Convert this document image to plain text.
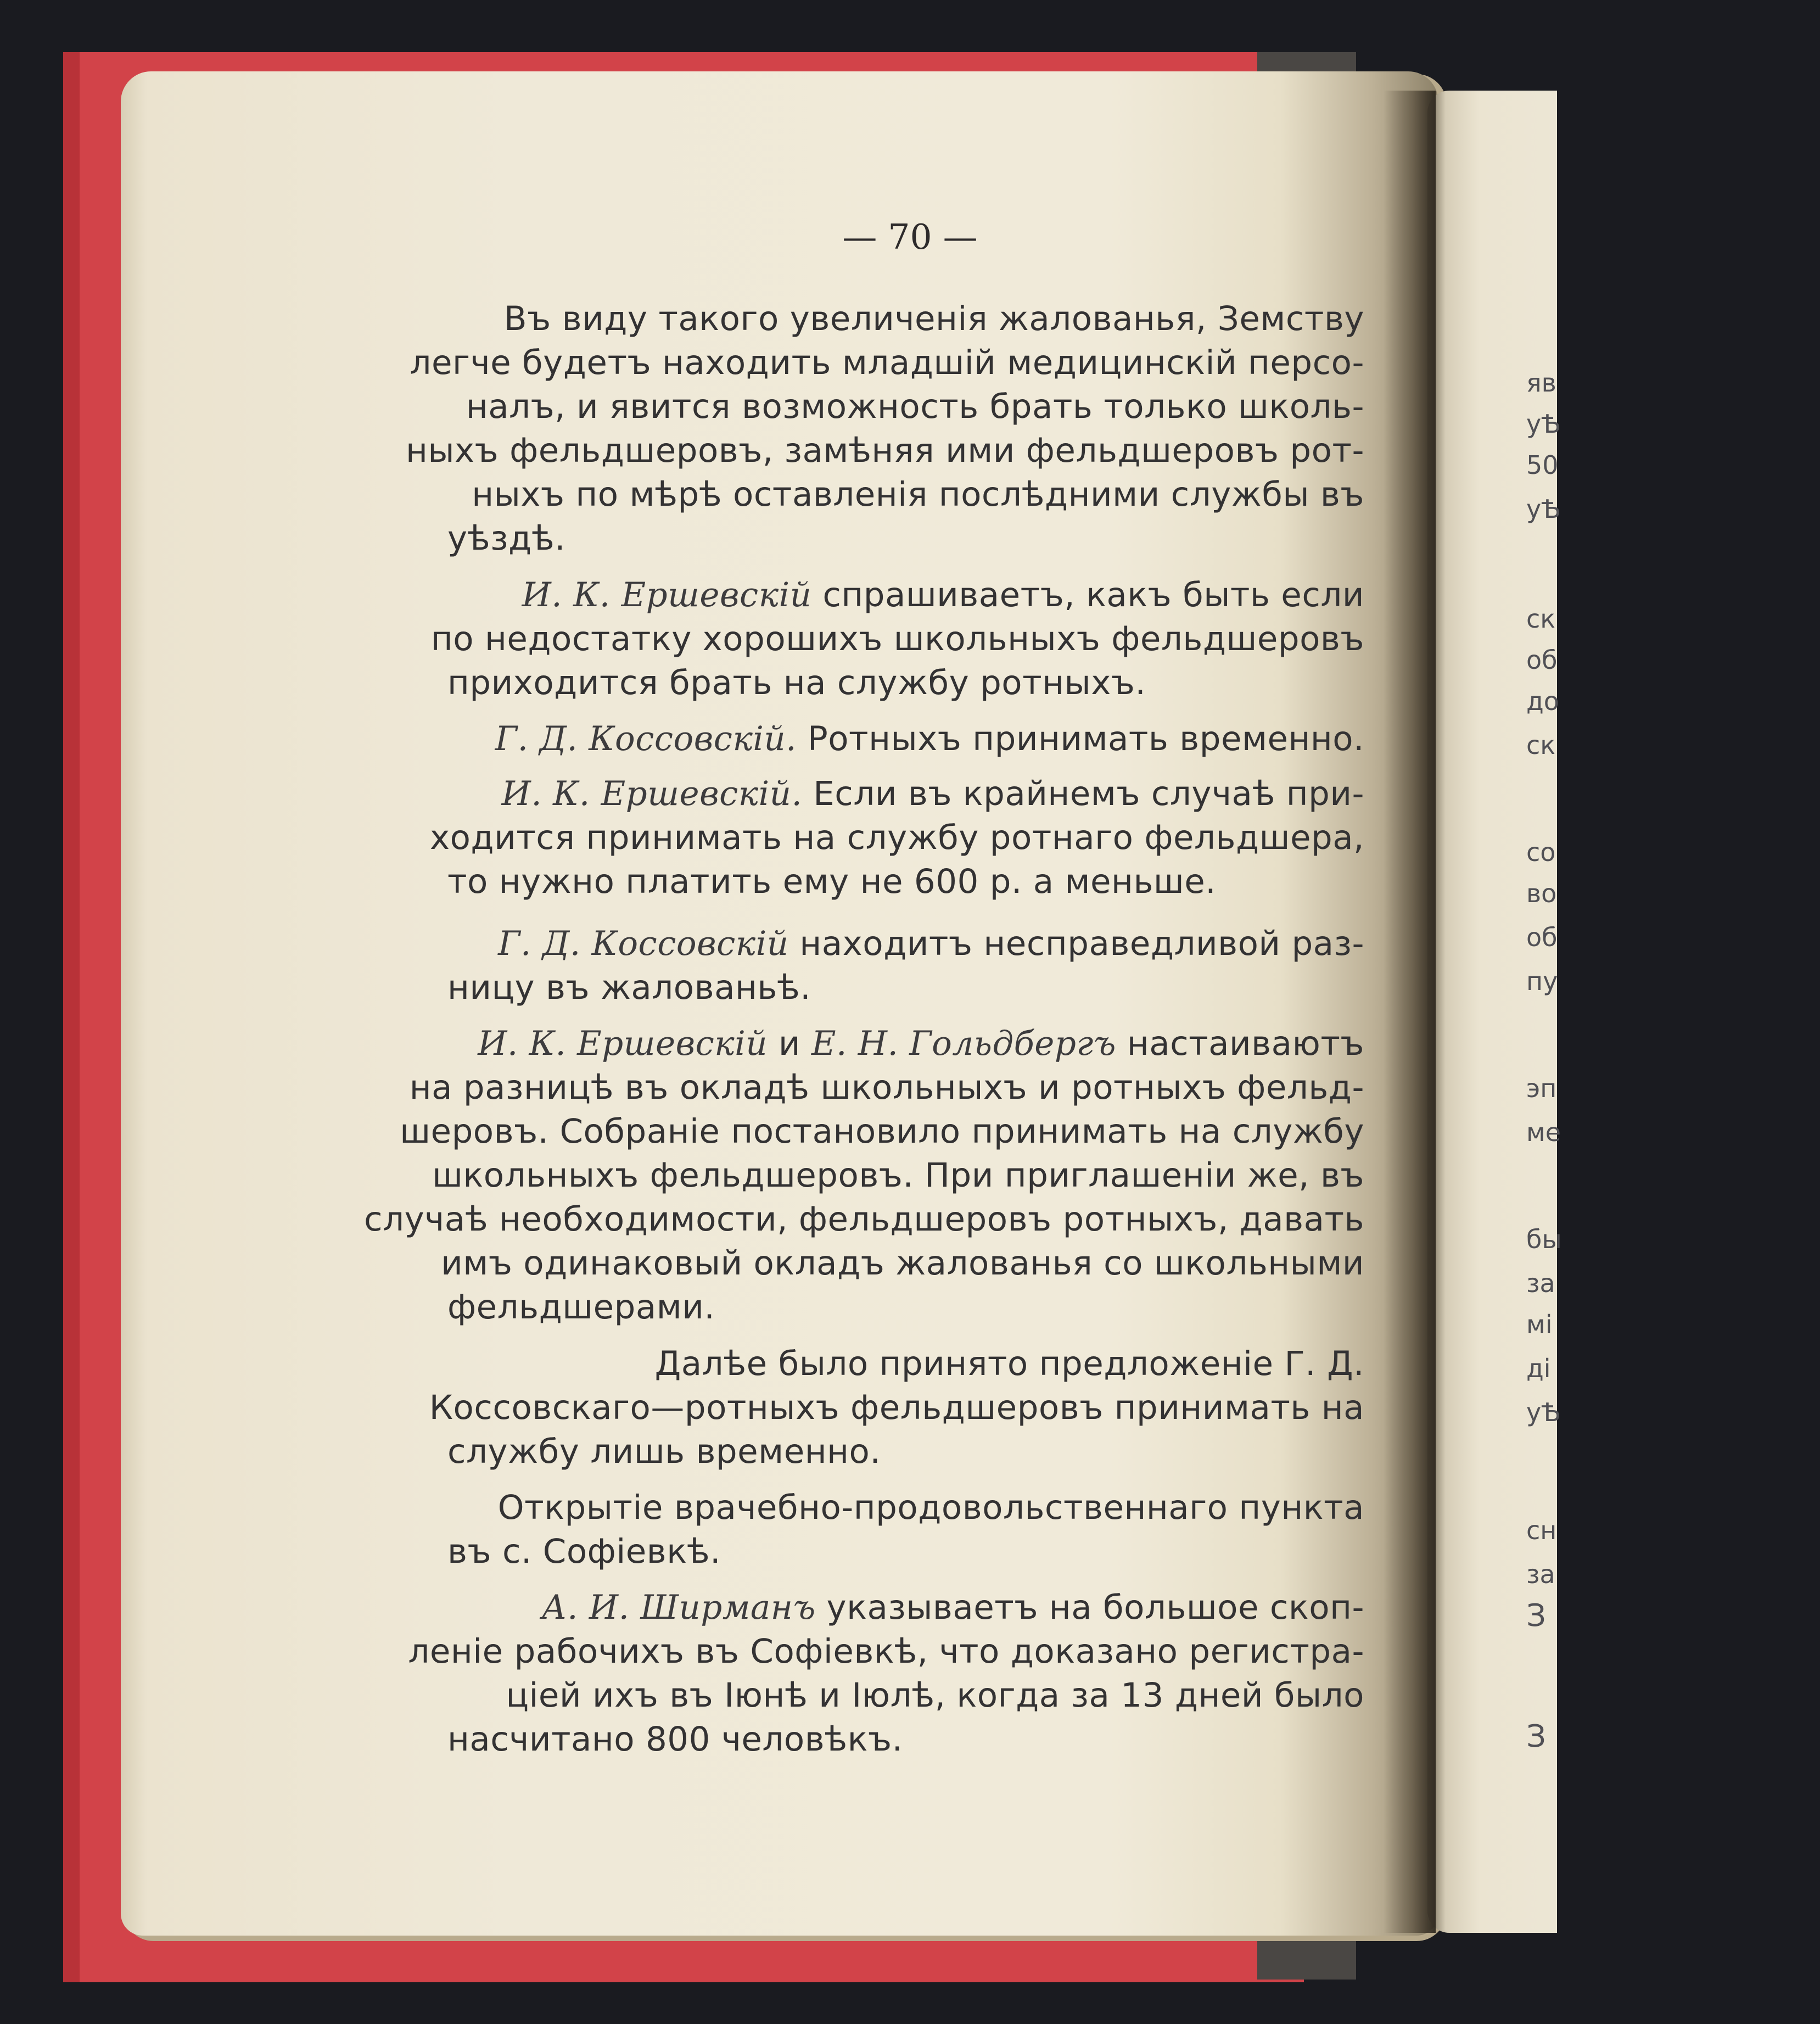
— 70 —
Въ виду такого увеличенія жалованья, Земству
легче будетъ находить младшій медицинскій персо-
налъ, и явится возможность брать только школь-
ныхъ фельдшеровъ, замѣняя ими фельдшеровъ рот-
ныхъ по мѣрѣ оставленія послѣдними службы въ
уѣздѣ.
И. К. Ершевскій спрашиваетъ, какъ быть если
по недостатку хорошихъ школьныхъ фельдшеровъ
приходится брать на службу ротныхъ.
Г. Д. Коссовскій. Ротныхъ принимать временно.
И. К. Ершевскій. Если въ крайнемъ случаѣ при-
ходится принимать на службу ротнаго фельдшера,
то нужно платить ему не 600 р. а меньше.
Г. Д. Коссовскій находитъ несправедливой раз-
ницу въ жалованьѣ.
И. К. Ершевскій и Е. Н. Гольдбергъ настаиваютъ
на разницѣ въ окладѣ школьныхъ и ротныхъ фельд-
шеровъ. Собраніе постановило принимать на службу
школьныхъ фельдшеровъ. При приглашеніи же, въ
случаѣ необходимости, фельдшеровъ ротныхъ, давать
имъ одинаковый окладъ жалованья со школьными
фельдшерами.
Далѣе было принято предложеніе Г. Д.
Коссовскаго—ротныхъ фельдшеровъ принимать на
службу лишь временно.
Открытіе врачебно-продовольственнаго пункта
въ с. Софіевкѣ.
А. И. Ширманъ указываетъ на большое скоп-
леніе рабочихъ въ Софіевкѣ, что доказано регистра-
ціей ихъ въ Іюнѣ и Іюлѣ, когда за 13 дней было
насчитано 800 человѣкъ.
яв
уѢ
50
уѢ
ск
об
до
ск
со
во
об
пу
эп
ме
бы
за
мі
ді
уѢ
сн
за
З
З
